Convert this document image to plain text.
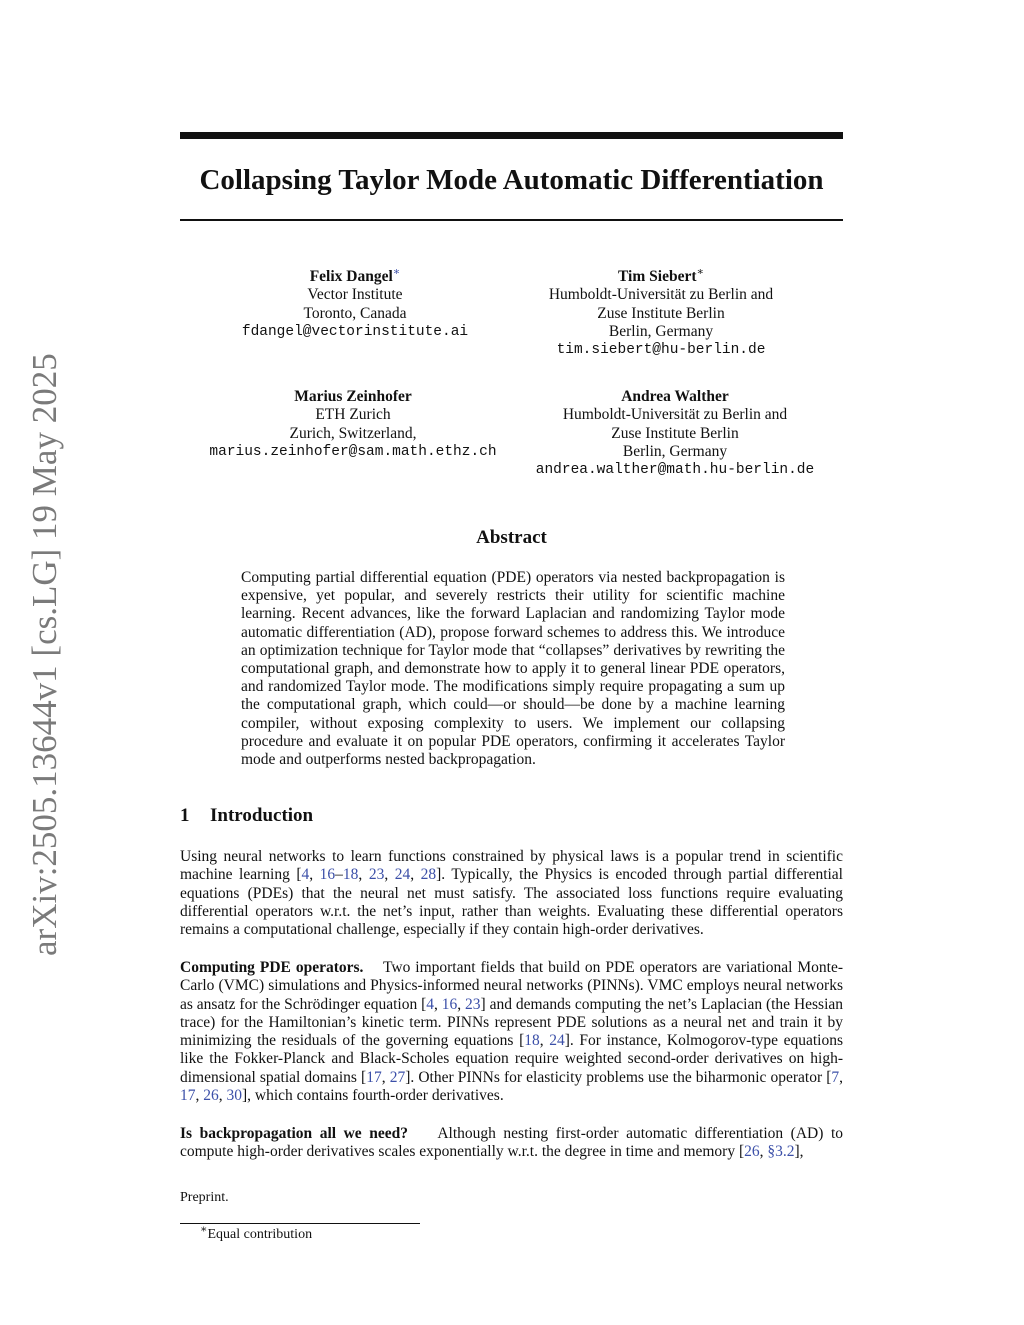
arXiv:2505.13644v1 [cs.LG] 19 May 2025
Collapsing Taylor Mode Automatic Differentiation
Felix Dangel∗
Vector Institute
Toronto, Canada
fdangel@vectorinstitute.ai
Tim Siebert∗
Humboldt-Universität zu Berlin and
Zuse Institute Berlin
Berlin, Germany
tim.siebert@hu-berlin.de
Marius Zeinhofer
ETH Zurich
Zurich, Switzerland,
marius.zeinhofer@sam.math.ethz.ch
Andrea Walther
Humboldt-Universität zu Berlin and
Zuse Institute Berlin
Berlin, Germany
andrea.walther@math.hu-berlin.de
Abstract

Computing partial differential equation (PDE) operators via nested backpropagation is expensive, yet popular, and severely restricts their utility for scientific machine learning. Recent advances, like the forward Laplacian and randomizing Taylor mode automatic differentiation (AD), propose forward schemes to address this. We introduce an optimization technique for Taylor mode that “collapses” derivatives by rewriting the computational graph, and demonstrate how to apply it to general linear PDE operators, and randomized Taylor mode. The modifications simply require propagating a sum up the computational graph, which could—or should—be done by a machine learning compiler, without exposing complexity to users. We implement our collapsing procedure and evaluate it on popular PDE operators, confirming it accelerates Taylor mode and outperforms nested backpropagation.

1 Introduction

Using neural networks to learn functions constrained by physical laws is a popular trend in scientific machine learning [4, 16–18, 23, 24, 28]. Typically, the Physics is encoded through partial differential equations (PDEs) that the neural net must satisfy. The associated loss functions require evaluating differential operators w.r.t. the net’s input, rather than weights. Evaluating these differential operators remains a computational challenge, especially if they contain high-order derivatives.

Computing PDE operators. Two important fields that build on PDE operators are variational Monte-Carlo (VMC) simulations and Physics-informed neural networks (PINNs). VMC employs neural networks as ansatz for the Schrödinger equation [4, 16, 23] and demands computing the net’s Laplacian (the Hessian trace) for the Hamiltonian’s kinetic term. PINNs represent PDE solutions as a neural net and train it by minimizing the residuals of the governing equations [18, 24]. For instance, Kolmogorov-type equations like the Fokker-Planck and Black-Scholes equation require weighted second-order derivatives on high-dimensional spatial domains [17, 27]. Other PINNs for elasticity problems use the biharmonic operator [7, 17, 26, 30], which contains fourth-order derivatives.

Is backpropagation all we need? Although nesting first-order automatic differentiation (AD) to compute high-order derivatives scales exponentially w.r.t. the degree in time and memory [26, §3.2],

Preprint.

∗Equal contribution
